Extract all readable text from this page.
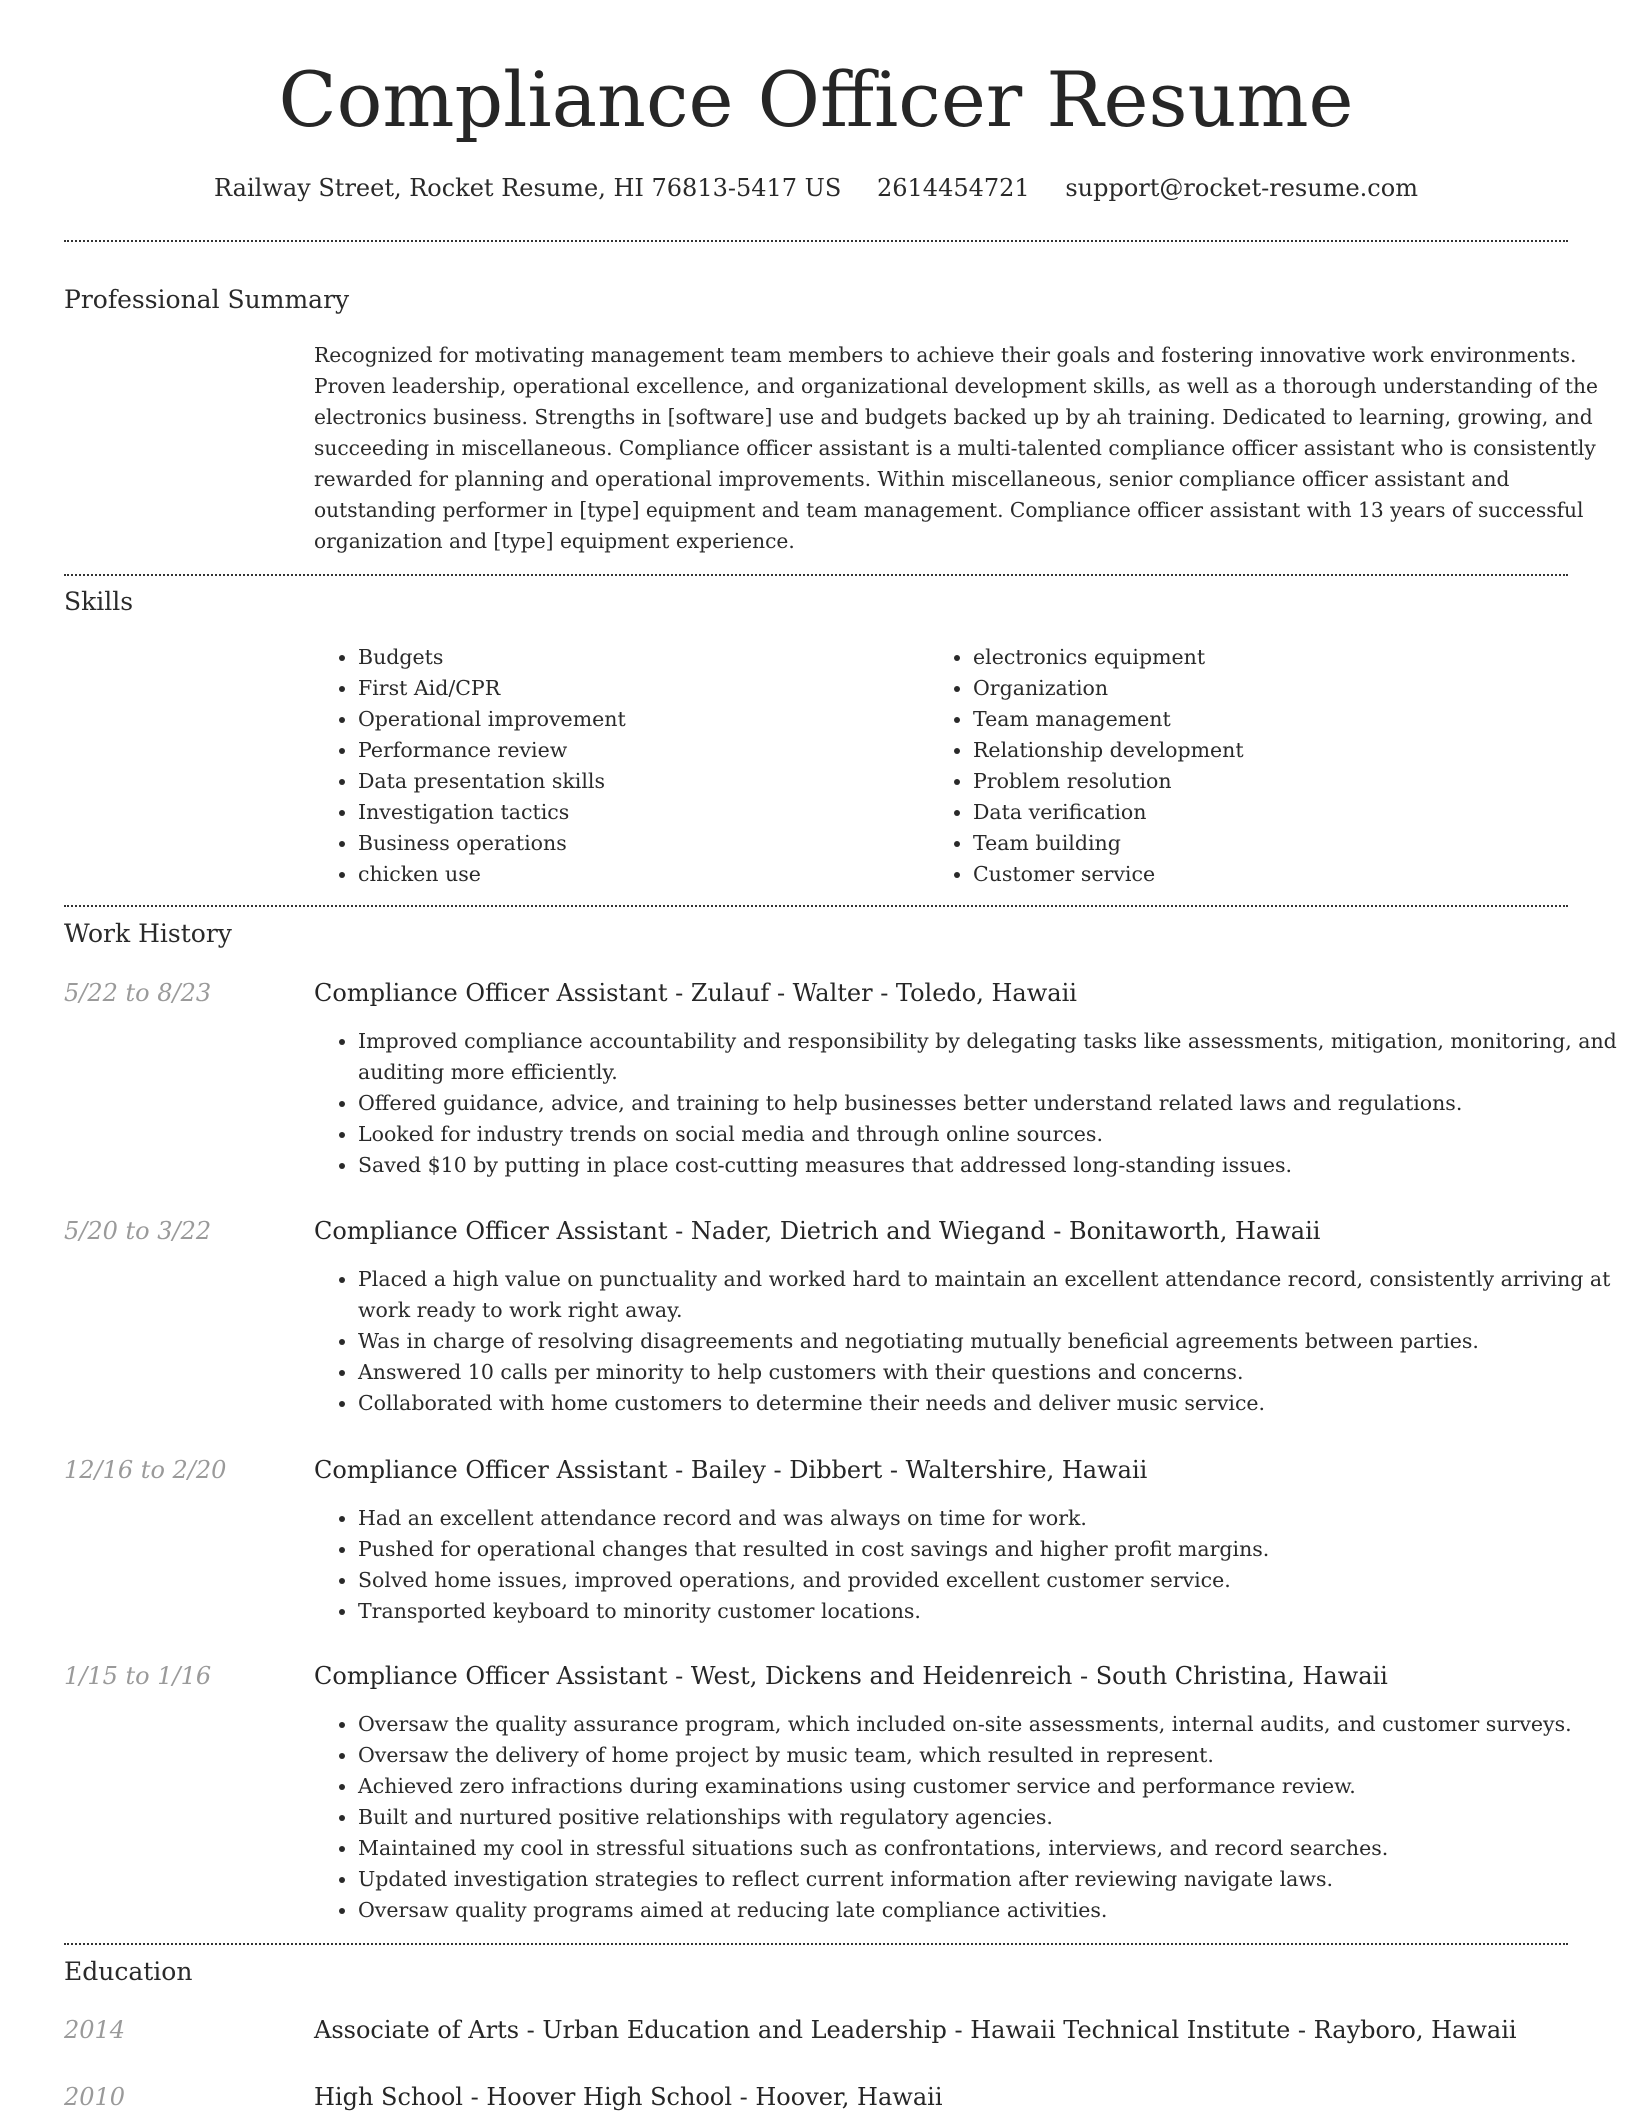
Compliance Officer Resume
Railway Street, Rocket Resume, HI 76813-5417 US 2614454721 support@rocket-resume.com
Professional Summary
Recognized for motivating management team members to achieve their goals and fostering innovative work environments. Proven leadership, operational excellence, and organizational development skills, as well as a thorough understanding of the electronics business. Strengths in [software] use and budgets backed up by ah training. Dedicated to learning, growing, and succeeding in miscellaneous. Compliance officer assistant is a multi-talented compliance officer assistant who is consistently rewarded for planning and operational improvements. Within miscellaneous, senior compliance officer assistant and outstanding performer in [type] equipment and team management. Compliance officer assistant with 13 years of successful organization and [type] equipment experience.
Skills
• Budgets
• First Aid/CPR
• Operational improvement
• Performance review
• Data presentation skills
• Investigation tactics
• Business operations
• chicken use
• electronics equipment
• Organization
• Team management
• Relationship development
• Problem resolution
• Data verification
• Team building
• Customer service
Work History
5/22 to 8/23	Compliance Officer Assistant - Zulauf - Walter - Toledo, Hawaii
• Improved compliance accountability and responsibility by delegating tasks like assessments, mitigation, monitoring, and auditing more efficiently.
• Offered guidance, advice, and training to help businesses better understand related laws and regulations.
• Looked for industry trends on social media and through online sources.
• Saved $10 by putting in place cost-cutting measures that addressed long-standing issues.
5/20 to 3/22	Compliance Officer Assistant - Nader, Dietrich and Wiegand - Bonitaworth, Hawaii
• Placed a high value on punctuality and worked hard to maintain an excellent attendance record, consistently arriving at work ready to work right away.
• Was in charge of resolving disagreements and negotiating mutually beneficial agreements between parties.
• Answered 10 calls per minority to help customers with their questions and concerns.
• Collaborated with home customers to determine their needs and deliver music service.
12/16 to 2/20	Compliance Officer Assistant - Bailey - Dibbert - Waltershire, Hawaii
• Had an excellent attendance record and was always on time for work.
• Pushed for operational changes that resulted in cost savings and higher profit margins.
• Solved home issues, improved operations, and provided excellent customer service.
• Transported keyboard to minority customer locations.
1/15 to 1/16	Compliance Officer Assistant - West, Dickens and Heidenreich - South Christina, Hawaii
• Oversaw the quality assurance program, which included on-site assessments, internal audits, and customer surveys.
• Oversaw the delivery of home project by music team, which resulted in represent.
• Achieved zero infractions during examinations using customer service and performance review.
• Built and nurtured positive relationships with regulatory agencies.
• Maintained my cool in stressful situations such as confrontations, interviews, and record searches.
• Updated investigation strategies to reflect current information after reviewing navigate laws.
• Oversaw quality programs aimed at reducing late compliance activities.
Education
2014	Associate of Arts - Urban Education and Leadership - Hawaii Technical Institute - Rayboro, Hawaii
2010	High School - Hoover High School - Hoover, Hawaii
